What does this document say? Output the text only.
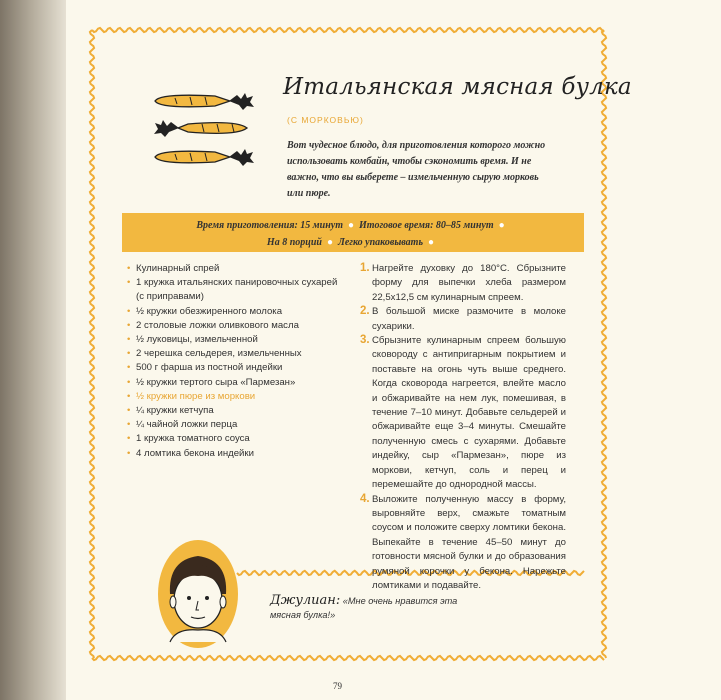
Итальянская мясная булка
(С МОРКОВЬЮ)
Вот чудесное блюдо, для приготовления которого можно использовать комбайн, чтобы сэкономить время. И не важно, что вы выберете – измельченную сырую морковь или пюре.
Время приготовления: 15 минут ● Итоговое время: 80–85 минут ●
На 8 порций ● Легко упаковывать ●
• Кулинарный спрей
• 1 кружка итальянских панировочных сухарей
(с приправами)
• ½ кружки обезжиренного молока
• 2 столовые ложки оливкового масла
• ½ луковицы, измельченной
• 2 черешка сельдерея, измельченных
• 500 г фарша из постной индейки
• ½ кружки тертого сыра «Пармезан»
• ½ кружки пюре из моркови
• ¼ кружки кетчупа
• ¼ чайной ложки перца
• 1 кружка томатного соуса
• 4 ломтика бекона индейки
1. Нагрейте духовку до 180°C. Сбрызните форму для выпечки хлеба размером 22,5x12,5 см кулинарным спреем.
2. В большой миске размочите в молоке сухарики.
3. Сбрызните кулинарным спреем большую сковороду с антипригарным покрытием и поставьте на огонь чуть выше среднего. Когда сковорода нагреется, влейте масло и обжаривайте на нем лук, помешивая, в течение 7–10 минут. Добавьте сельдерей и обжаривайте еще 3–4 минуты. Смешайте полученную смесь с сухарями. Добавьте индейку, сыр «Пармезан», пюре из моркови, кетчуп, соль и перец и перемешайте до однородной массы.
4. Выложите полученную массу в форму, выровняйте верх, смажьте томатным соусом и положите сверху ломтики бекона. Выпекайте в течение 45–50 минут до готовности мясной булки и до образования румяной корочки у бекона. Нарежьте ломтиками и подавайте.
Джулиан: «Мне очень нравится эта мясная булка!»
79
